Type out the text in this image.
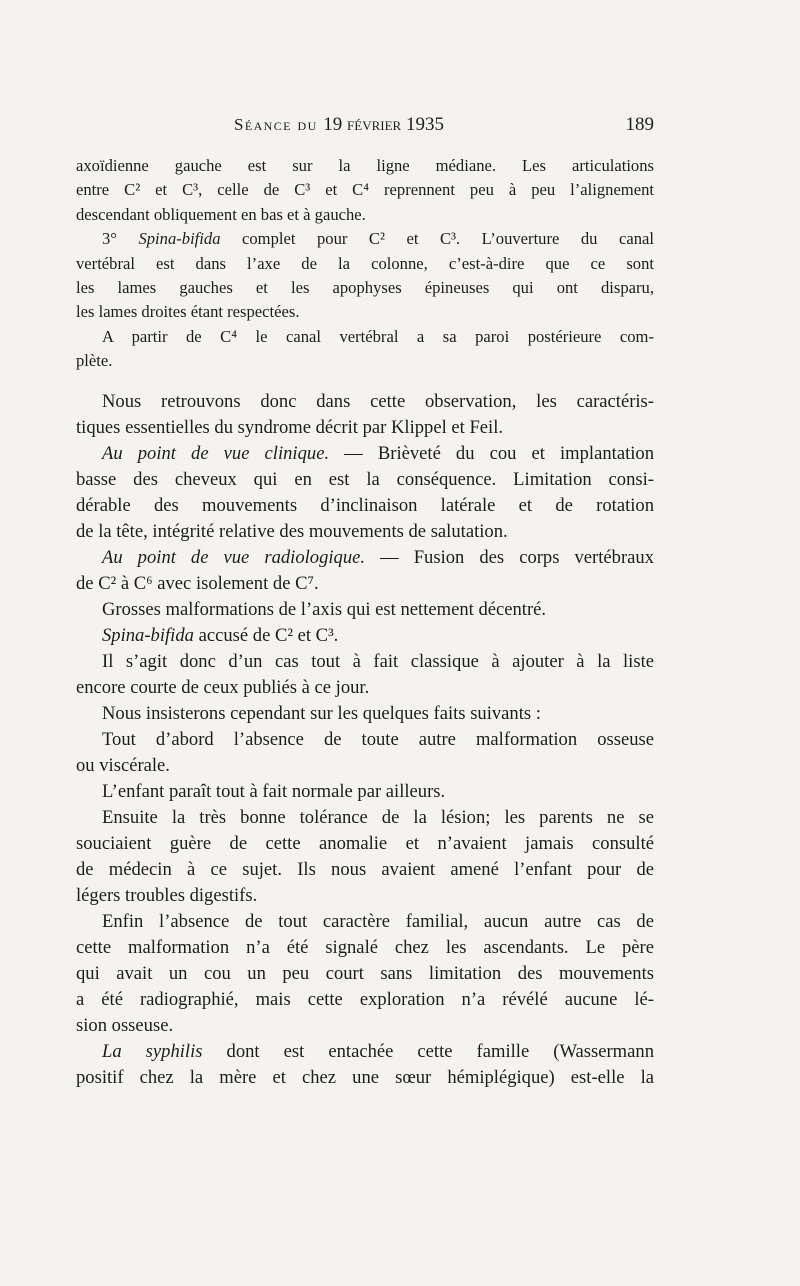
Séance du 19 février 1935	189
axoïdienne gauche est sur la ligne médiane. Les articulations
entre C² et C³, celle de C³ et C⁴ reprennent peu à peu l’alignement
descendant obliquement en bas et à gauche.
3° Spina-bifida complet pour C² et C³. L’ouverture du canal
vertébral est dans l’axe de la colonne, c’est-à-dire que ce sont
les lames gauches et les apophyses épineuses qui ont disparu,
les lames droites étant respectées.
A partir de C⁴ le canal vertébral a sa paroi postérieure com-
plète.
Nous retrouvons donc dans cette observation, les caractéris-
tiques essentielles du syndrome décrit par Klippel et Feil.
Au point de vue clinique. — Brièveté du cou et implantation
basse des cheveux qui en est la conséquence. Limitation consi-
dérable des mouvements d’inclinaison latérale et de rotation
de la tête, intégrité relative des mouvements de salutation.
Au point de vue radiologique. — Fusion des corps vertébraux
de C² à C⁶ avec isolement de C⁷.
Grosses malformations de l’axis qui est nettement décentré.
Spina-bifida accusé de C² et C³.
Il s’agit donc d’un cas tout à fait classique à ajouter à la liste
encore courte de ceux publiés à ce jour.
Nous insisterons cependant sur les quelques faits suivants :
Tout d’abord l’absence de toute autre malformation osseuse
ou viscérale.
L’enfant paraît tout à fait normale par ailleurs.
Ensuite la très bonne tolérance de la lésion; les parents ne se
souciaient guère de cette anomalie et n’avaient jamais consulté
de médecin à ce sujet. Ils nous avaient amené l’enfant pour de
légers troubles digestifs.
Enfin l’absence de tout caractère familial, aucun autre cas de
cette malformation n’a été signalé chez les ascendants. Le père
qui avait un cou un peu court sans limitation des mouvements
a été radiographié, mais cette exploration n’a révélé aucune lé-
sion osseuse.
La syphilis dont est entachée cette famille (Wassermann
positif chez la mère et chez une sœur hémiplégique) est-elle la
